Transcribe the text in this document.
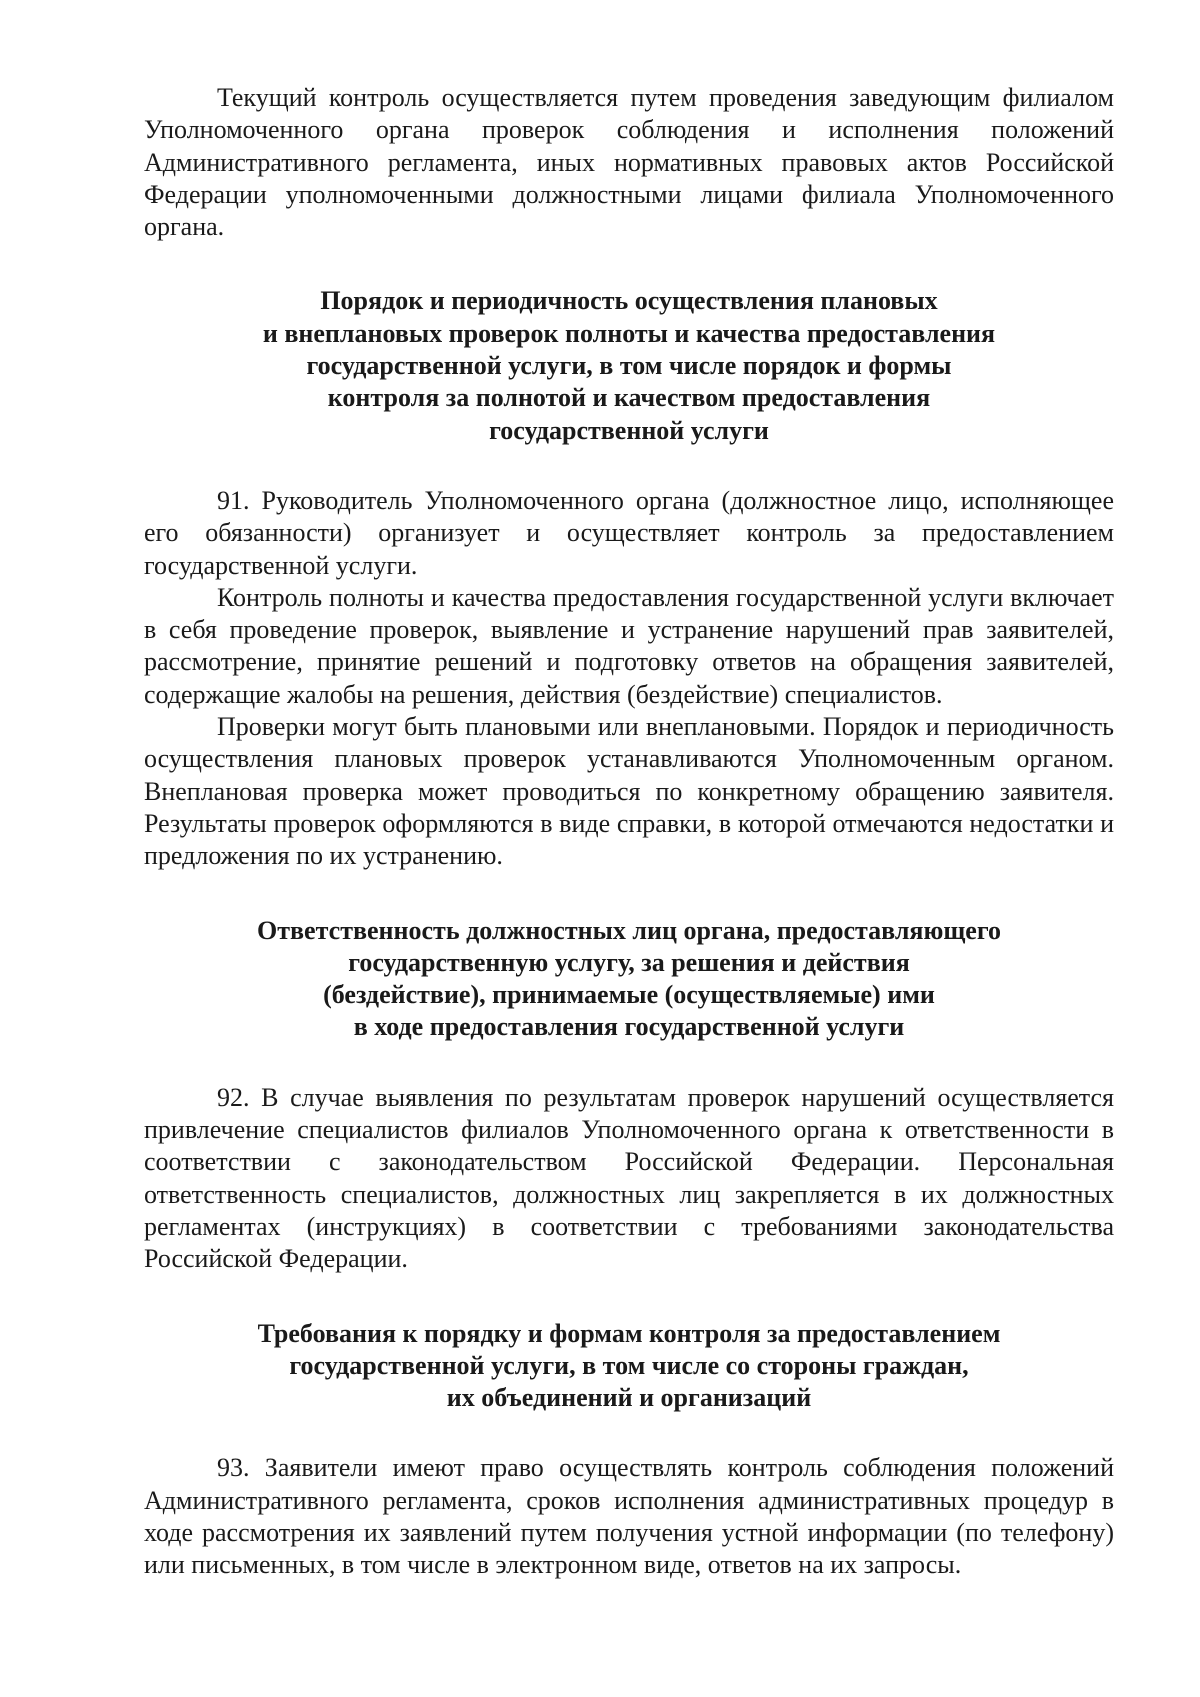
Текущий контроль осуществляется путем проведения заведующим филиалом Уполномоченного органа проверок соблюдения и исполнения положений Административного регламента, иных нормативных правовых актов Российской Федерации уполномоченными должностными лицами филиала Уполномоченного органа.

Порядок и периодичность осуществления плановых
и внеплановых проверок полноты и качества предоставления
государственной услуги, в том числе порядок и формы
контроля за полнотой и качеством предоставления
государственной услуги

91. Руководитель Уполномоченного органа (должностное лицо, исполняющее его обязанности) организует и осуществляет контроль за предоставлением государственной услуги.

Контроль полноты и качества предоставления государственной услуги включает в себя проведение проверок, выявление и устранение нарушений прав заявителей, рассмотрение, принятие решений и подготовку ответов на обращения заявителей, содержащие жалобы на решения, действия (бездействие) специалистов.

Проверки могут быть плановыми или внеплановыми. Порядок и периодичность осуществления плановых проверок устанавливаются Уполномоченным органом. Внеплановая проверка может проводиться по конкретному обращению заявителя. Результаты проверок оформляются в виде справки, в которой отмечаются недостатки и предложения по их устранению.

Ответственность должностных лиц органа, предоставляющего
государственную услугу, за решения и действия
(бездействие), принимаемые (осуществляемые) ими
в ходе предоставления государственной услуги

92. В случае выявления по результатам проверок нарушений осуществляется привлечение специалистов филиалов Уполномоченного органа к ответственности в соответствии с законодательством Российской Федерации. Персональная ответственность специалистов, должностных лиц закрепляется в их должностных регламентах (инструкциях) в соответствии с требованиями законодательства Российской Федерации.

Требования к порядку и формам контроля за предоставлением
государственной услуги, в том числе со стороны граждан,
их объединений и организаций

93. Заявители имеют право осуществлять контроль соблюдения положений Административного регламента, сроков исполнения административных процедур в ходе рассмотрения их заявлений путем получения устной информации (по телефону) или письменных, в том числе в электронном виде, ответов на их запросы.
